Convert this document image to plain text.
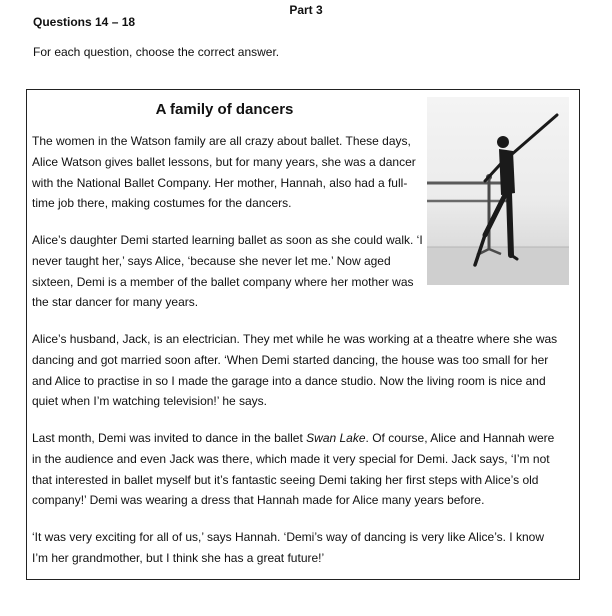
Part 3
Questions 14 – 18
For each question, choose the correct answer.
A family of dancers

The women in the Watson family are all crazy about ballet. These days, Alice Watson gives ballet lessons, but for many years, she was a dancer with the National Ballet Company. Her mother, Hannah, also had a full-time job there, making costumes for the dancers.

Alice’s daughter Demi started learning ballet as soon as she could walk. ‘I never taught her,’ says Alice, ‘because she never let me.’ Now aged sixteen, Demi is a member of the ballet company where her mother was the star dancer for many years.

Alice’s husband, Jack, is an electrician. They met while he was working at a theatre where she was dancing and got married soon after. ‘When Demi started dancing, the house was too small for her and Alice to practise in so I made the garage into a dance studio. Now the living room is nice and quiet when I’m watching television!’ he says.

Last month, Demi was invited to dance in the ballet Swan Lake. Of course, Alice and Hannah were in the audience and even Jack was there, which made it very special for Demi. Jack says, ‘I’m not that interested in ballet myself but it’s fantastic seeing Demi taking her first steps with Alice’s old company!’ Demi was wearing a dress that Hannah made for Alice many years before.

‘It was very exciting for all of us,’ says Hannah. ‘Demi’s way of dancing is very like Alice’s. I know I’m her grandmother, but I think she has a great future!’
